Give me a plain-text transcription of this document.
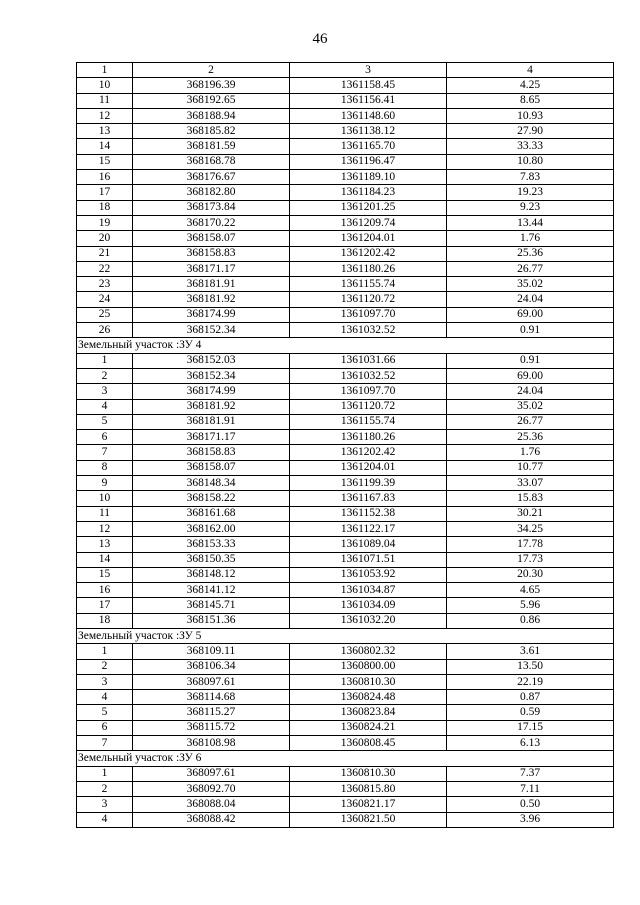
46
1	2	3	4
10	368196.39	1361158.45	4.25
11	368192.65	1361156.41	8.65
12	368188.94	1361148.60	10.93
13	368185.82	1361138.12	27.90
14	368181.59	1361165.70	33.33
15	368168.78	1361196.47	10.80
16	368176.67	1361189.10	7.83
17	368182.80	1361184.23	19.23
18	368173.84	1361201.25	9.23
19	368170.22	1361209.74	13.44
20	368158.07	1361204.01	1.76
21	368158.83	1361202.42	25.36
22	368171.17	1361180.26	26.77
23	368181.91	1361155.74	35.02
24	368181.92	1361120.72	24.04
25	368174.99	1361097.70	69.00
26	368152.34	1361032.52	0.91
Земельный участок :ЗУ 4			
1	368152.03	1361031.66	0.91
2	368152.34	1361032.52	69.00
3	368174.99	1361097.70	24.04
4	368181.92	1361120.72	35.02
5	368181.91	1361155.74	26.77
6	368171.17	1361180.26	25.36
7	368158.83	1361202.42	1.76
8	368158.07	1361204.01	10.77
9	368148.34	1361199.39	33.07
10	368158.22	1361167.83	15.83
11	368161.68	1361152.38	30.21
12	368162.00	1361122.17	34.25
13	368153.33	1361089.04	17.78
14	368150.35	1361071.51	17.73
15	368148.12	1361053.92	20.30
16	368141.12	1361034.87	4.65
17	368145.71	1361034.09	5.96
18	368151.36	1361032.20	0.86
Земельный участок :ЗУ 5			
1	368109.11	1360802.32	3.61
2	368106.34	1360800.00	13.50
3	368097.61	1360810.30	22.19
4	368114.68	1360824.48	0.87
5	368115.27	1360823.84	0.59
6	368115.72	1360824.21	17.15
7	368108.98	1360808.45	6.13
Земельный участок :ЗУ 6			
1	368097.61	1360810.30	7.37
2	368092.70	1360815.80	7.11
3	368088.04	1360821.17	0.50
4	368088.42	1360821.50	3.96
